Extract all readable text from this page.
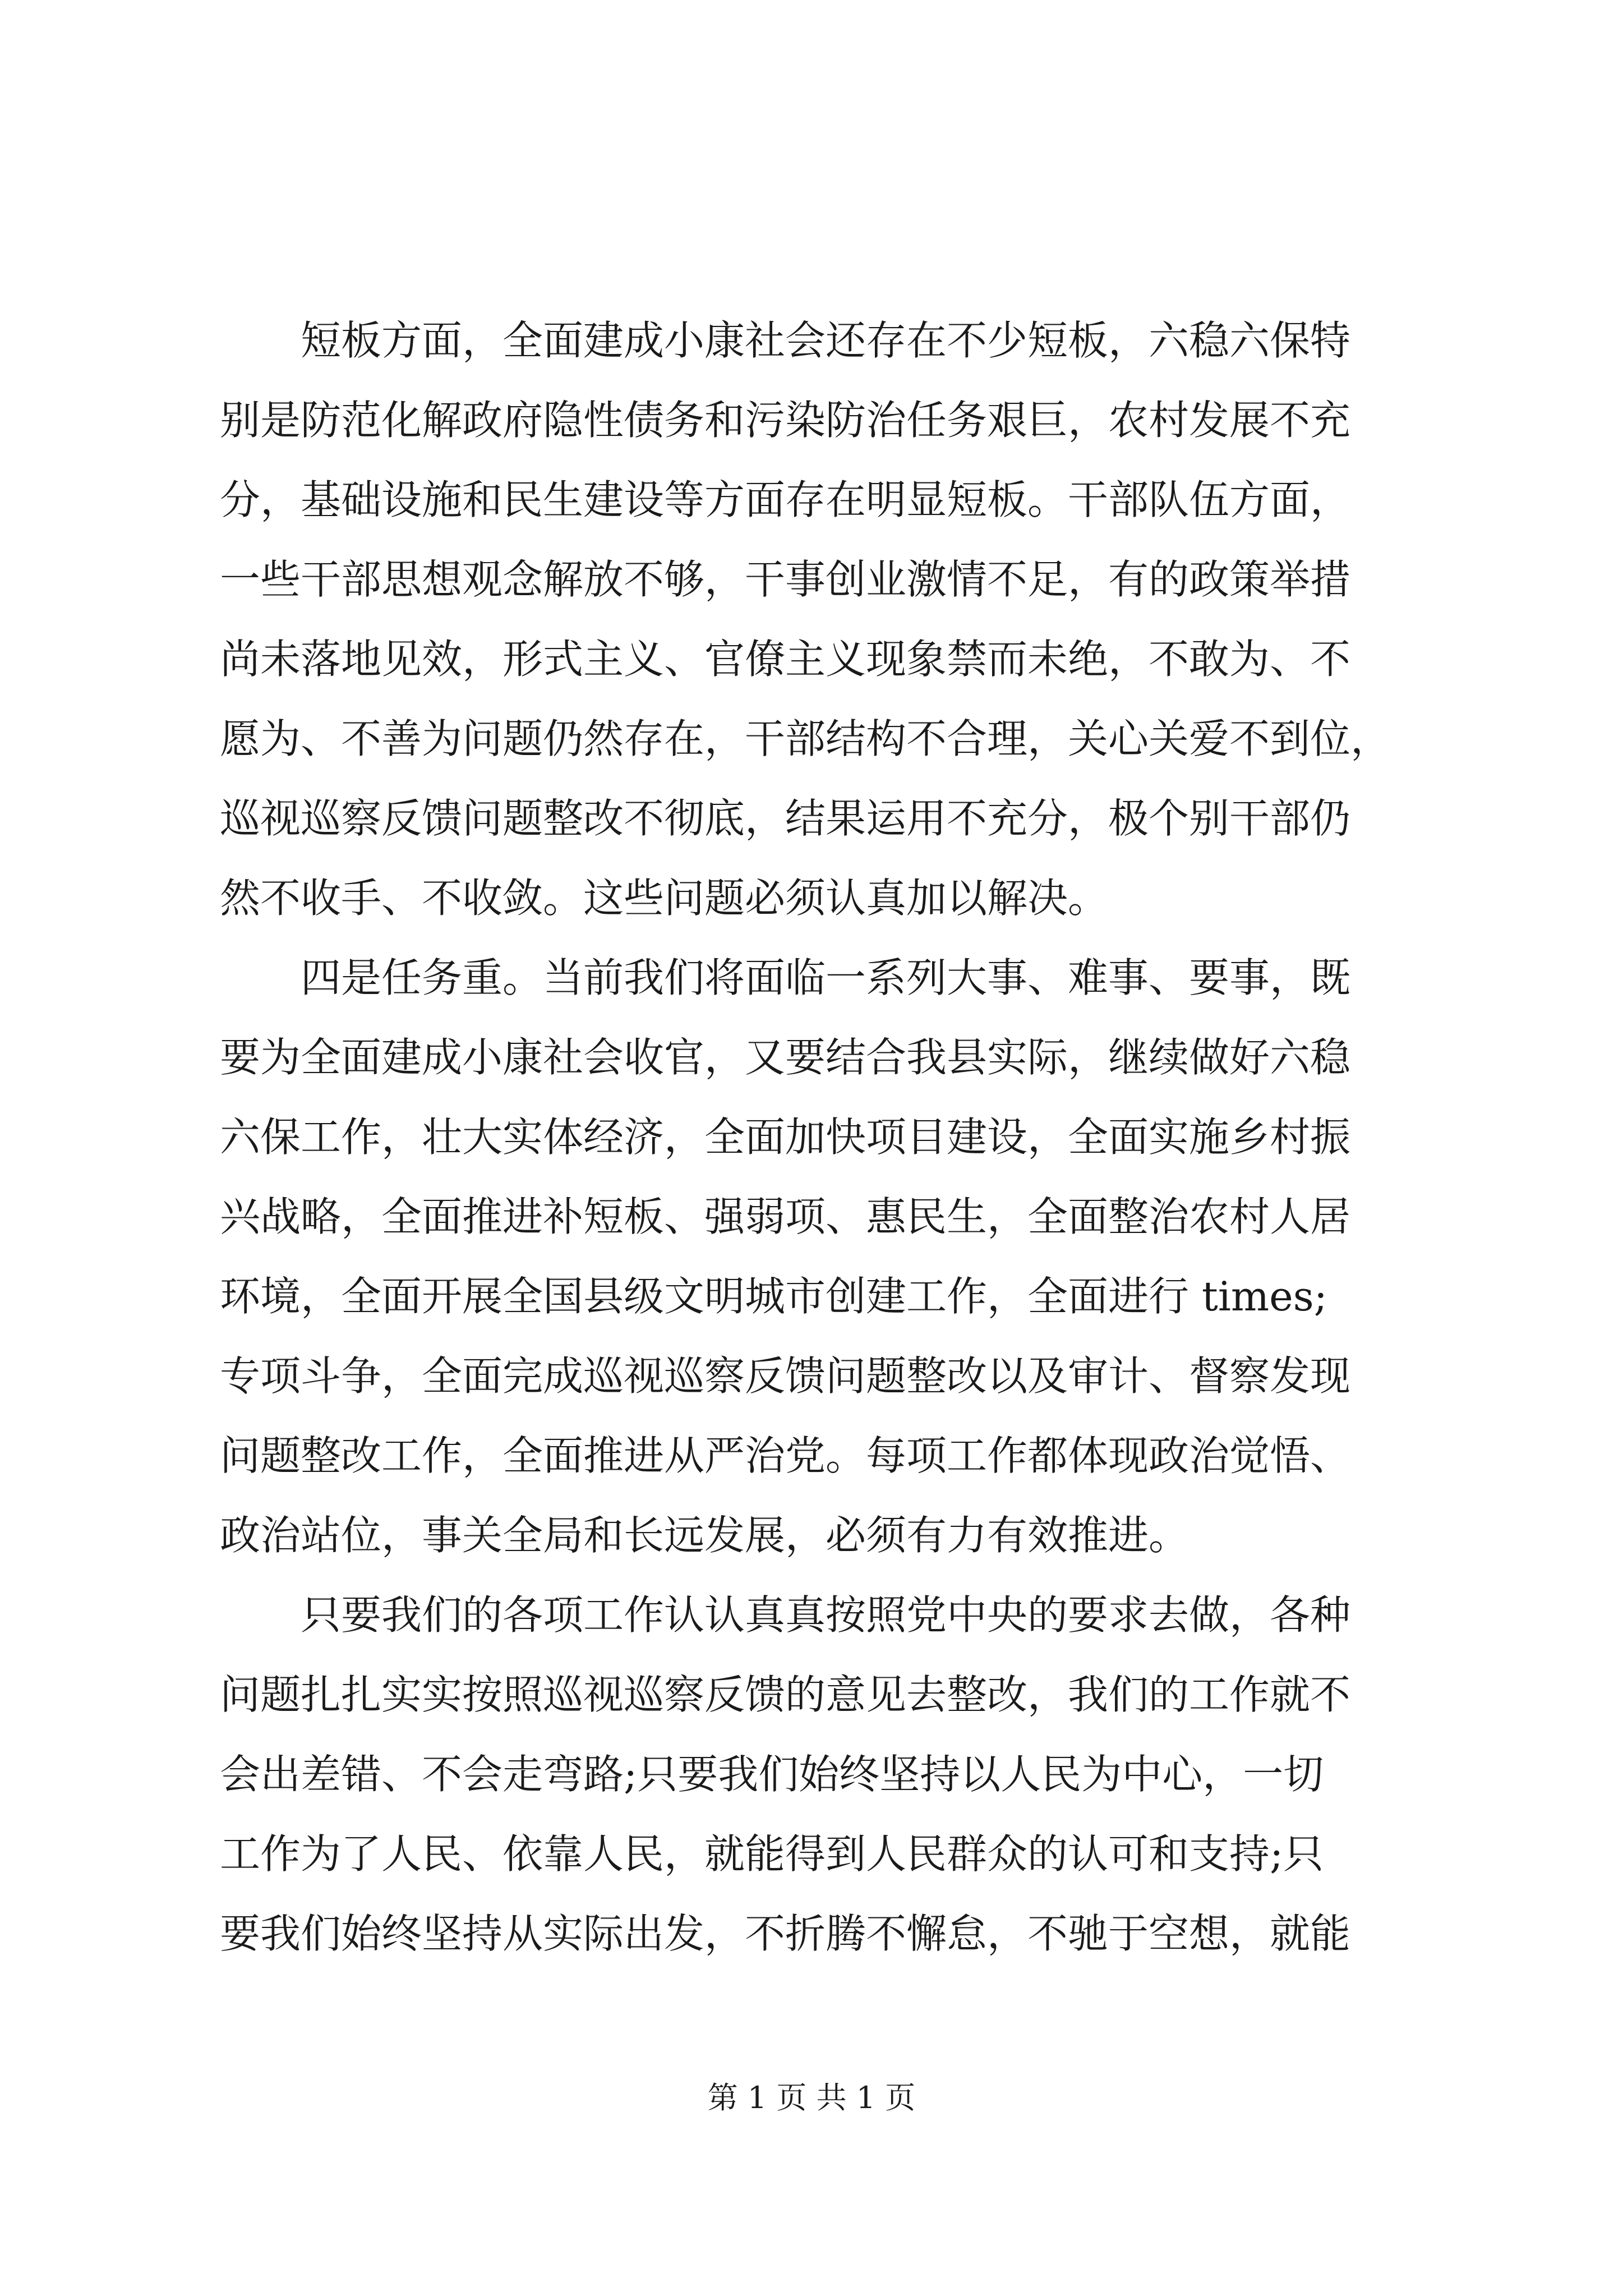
　　短板方面，全面建成小康社会还存在不少短板，六稳六保特
别是防范化解政府隐性债务和污染防治任务艰巨，农村发展不充
分，基础设施和民生建设等方面存在明显短板。干部队伍方面，
一些干部思想观念解放不够，干事创业激情不足，有的政策举措
尚未落地见效，形式主义、官僚主义现象禁而未绝，不敢为、不
愿为、不善为问题仍然存在，干部结构不合理，关心关爱不到位，
巡视巡察反馈问题整改不彻底，结果运用不充分，极个别干部仍
然不收手、不收敛。这些问题必须认真加以解决。
　　四是任务重。当前我们将面临一系列大事、难事、要事，既
要为全面建成小康社会收官，又要结合我县实际，继续做好六稳
六保工作，壮大实体经济，全面加快项目建设，全面实施乡村振
兴战略，全面推进补短板、强弱项、惠民生，全面整治农村人居
环境，全面开展全国县级文明城市创建工作，全面进行 times;
专项斗争，全面完成巡视巡察反馈问题整改以及审计、督察发现
问题整改工作，全面推进从严治党。每项工作都体现政治觉悟、
政治站位，事关全局和长远发展，必须有力有效推进。
　　只要我们的各项工作认认真真按照党中央的要求去做，各种
问题扎扎实实按照巡视巡察反馈的意见去整改，我们的工作就不
会出差错、不会走弯路;只要我们始终坚持以人民为中心，一切
工作为了人民、依靠人民，就能得到人民群众的认可和支持;只
要我们始终坚持从实际出发，不折腾不懈怠，不驰于空想，就能
第 1 页 共 1 页
